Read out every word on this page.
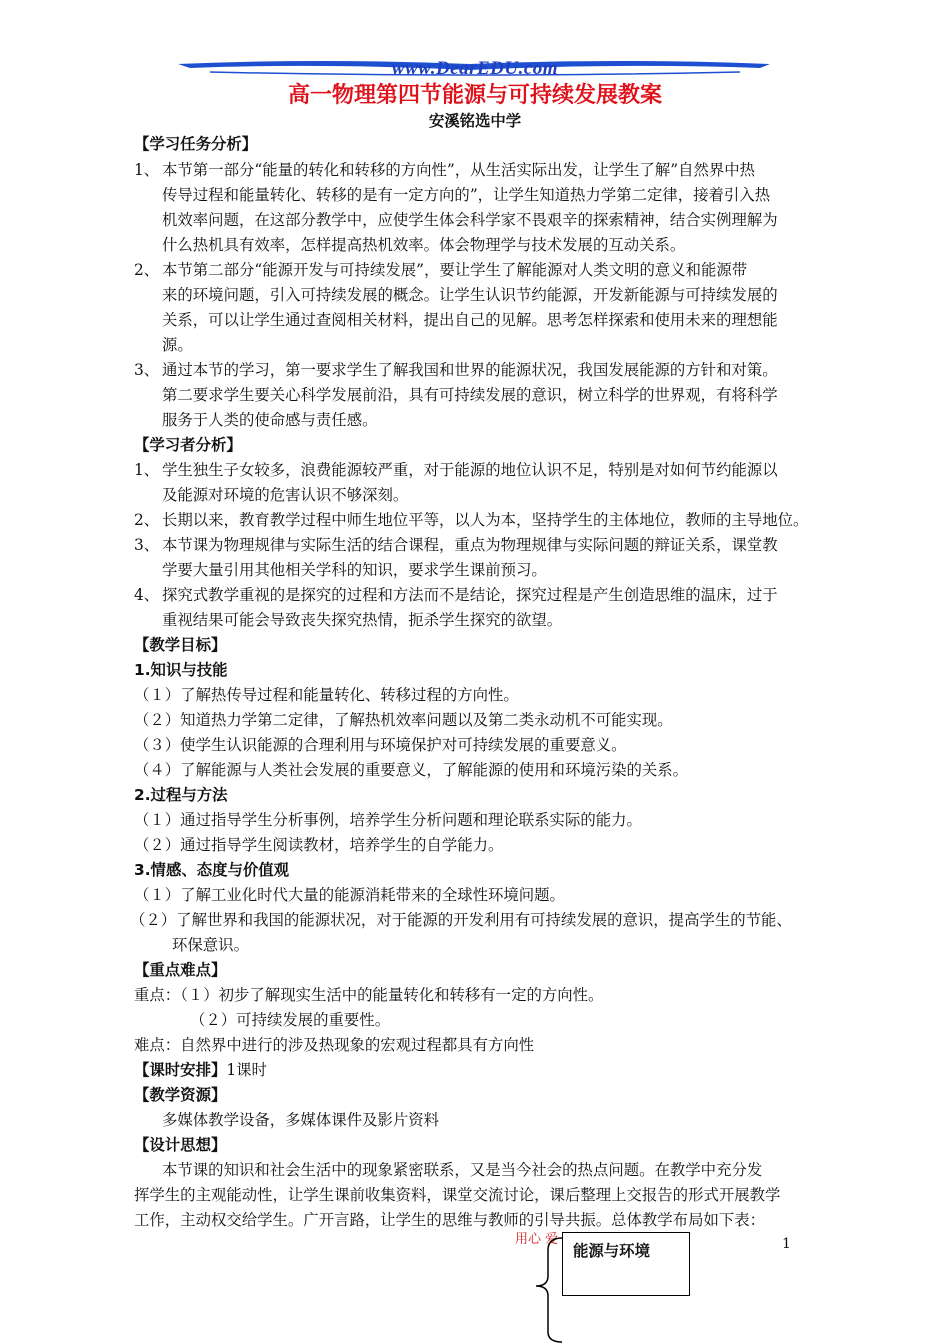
www.DearEDU.com
高一物理第四节能源与可持续发展教案
安溪铭选中学
【学习任务分析】
1、 本节第一部分“能量的转化和转移的方向性”，从生活实际出发，让学生了解”自然界中热
传导过程和能量转化、转移的是有一定方向的”，让学生知道热力学第二定律，接着引入热
机效率问题，在这部分教学中，应使学生体会科学家不畏艰辛的探索精神，结合实例理解为
什么热机具有效率，怎样提高热机效率。体会物理学与技术发展的互动关系。
2、 本节第二部分“能源开发与可持续发展”，要让学生了解能源对人类文明的意义和能源带
来的环境问题，引入可持续发展的概念。让学生认识节约能源，开发新能源与可持续发展的
关系，可以让学生通过查阅相关材料，提出自己的见解。思考怎样探索和使用未来的理想能
源。
3、 通过本节的学习，第一要求学生了解我国和世界的能源状况，我国发展能源的方针和对策。
第二要求学生要关心科学发展前沿，具有可持续发展的意识，树立科学的世界观，有将科学
服务于人类的使命感与责任感。
【学习者分析】
1、 学生独生子女较多，浪费能源较严重，对于能源的地位认识不足，特别是对如何节约能源以
及能源对环境的危害认识不够深刻。
2、 长期以来，教育教学过程中师生地位平等，以人为本，坚持学生的主体地位，教师的主导地位。
3、 本节课为物理规律与实际生活的结合课程，重点为物理规律与实际问题的辩证关系，课堂教
学要大量引用其他相关学科的知识，要求学生课前预习。
4、 探究式教学重视的是探究的过程和方法而不是结论，探究过程是产生创造思维的温床，过于
重视结果可能会导致丧失探究热情，扼杀学生探究的欲望。
【教学目标】
1.知识与技能
（１）了解热传导过程和能量转化、转移过程的方向性。
（２）知道热力学第二定律，了解热机效率问题以及第二类永动机不可能实现。
（３）使学生认识能源的合理利用与环境保护对可持续发展的重要意义。
（４）了解能源与人类社会发展的重要意义，了解能源的使用和环境污染的关系。
2.过程与方法
（１）通过指导学生分析事例，培养学生分析问题和理论联系实际的能力。
（２）通过指导学生阅读教材，培养学生的自学能力。
3.情感、态度与价值观
（１）了解工业化时代大量的能源消耗带来的全球性环境问题。
（２）了解世界和我国的能源状况，对于能源的开发利用有可持续发展的意识，提高学生的节能、
环保意识。
【重点难点】
重点：（１）初步了解现实生活中的能量转化和转移有一定的方向性。
（２）可持续发展的重要性。
难点：自然界中进行的涉及热现象的宏观过程都具有方向性
【课时安排】1课时
【教学资源】
多媒体教学设备，多媒体课件及影片资料
【设计思想】
本节课的知识和社会生活中的现象紧密联系，又是当今社会的热点问题。在教学中充分发
挥学生的主观能动性，让学生课前收集资料，课堂交流讨论，课后整理上交报告的形式开展教学
工作，主动权交给学生。广开言路，让学生的思维与教师的引导共振。总体教学布局如下表：
用心 爱	1
能源与环境
